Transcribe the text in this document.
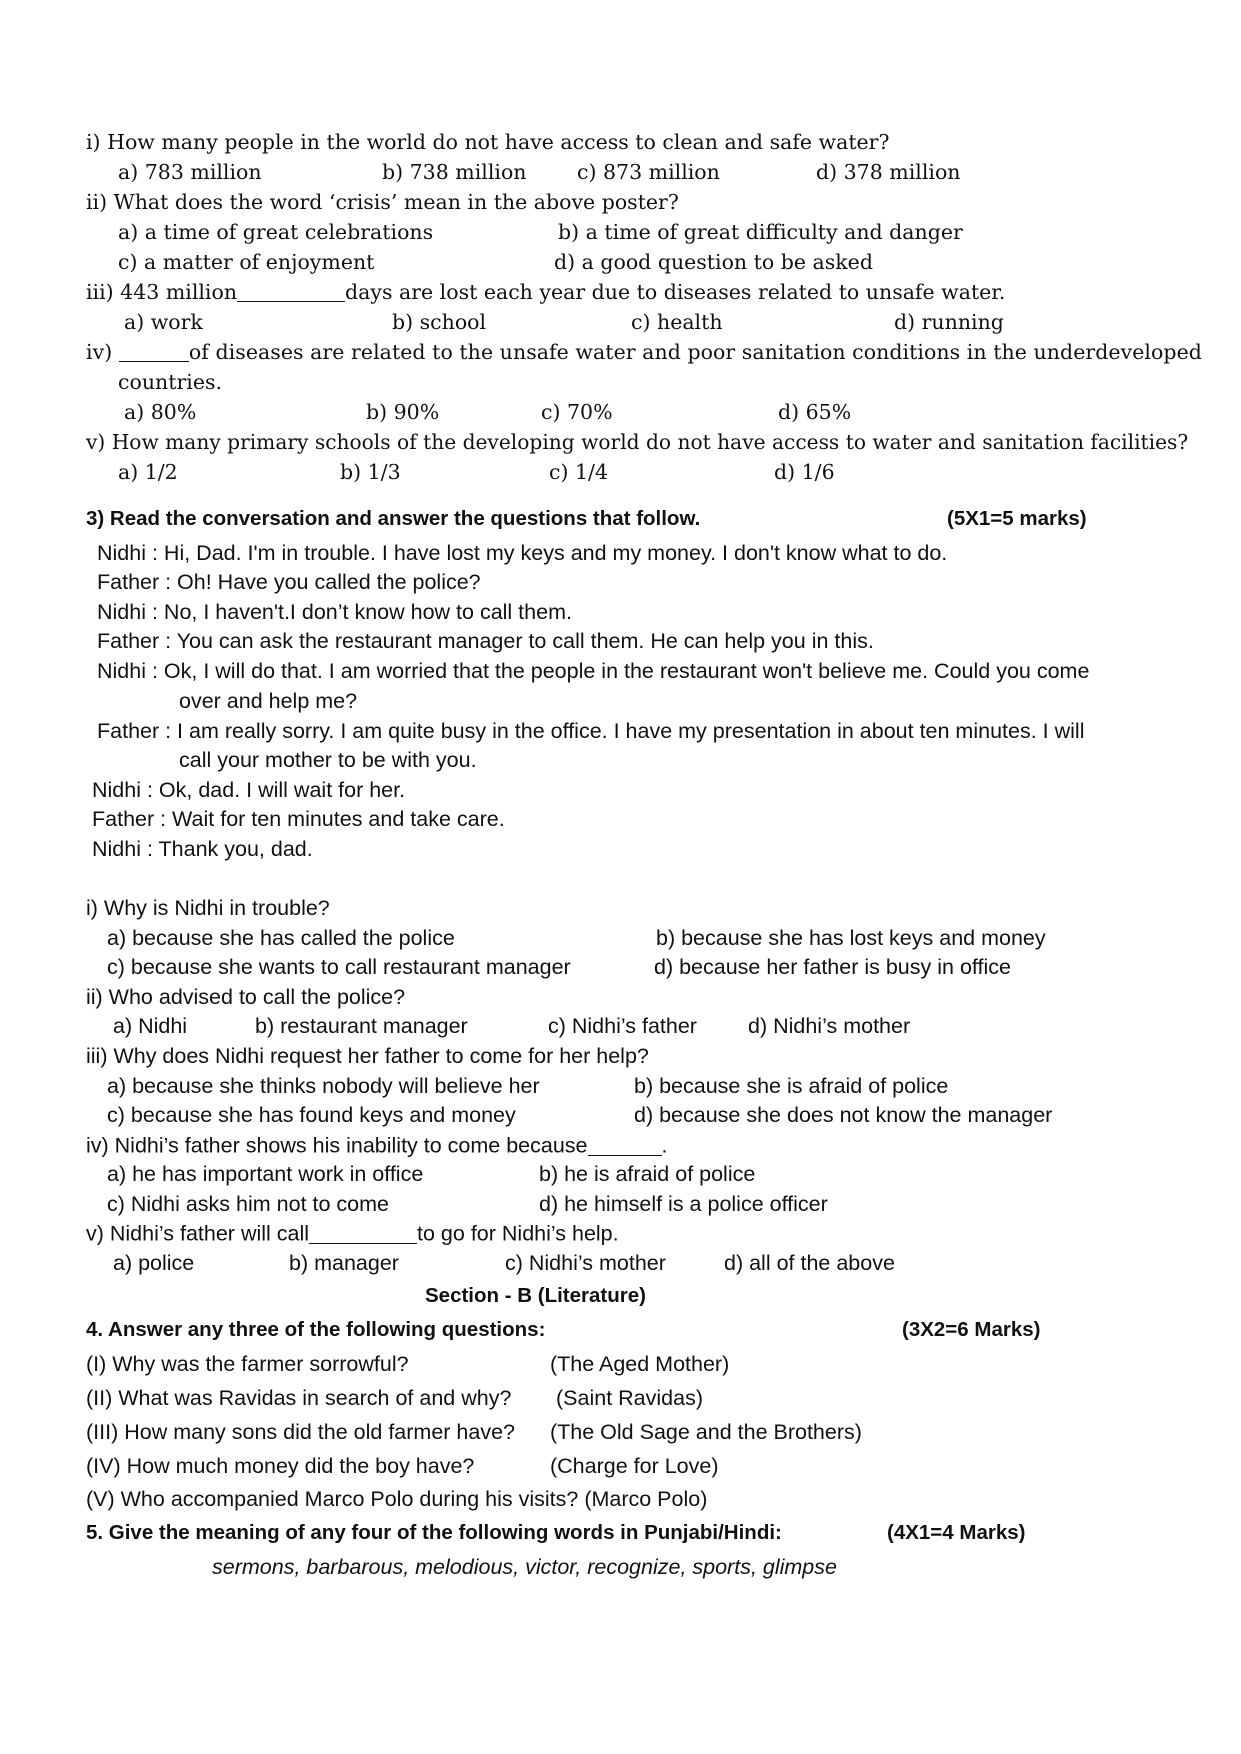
i) How many people in the world do not have access to clean and safe water?
a) 783 million	b) 738 million c) 873 million	d) 378 million
ii) What does the word ‘crisis’ mean in the above poster?
a) a time of great celebrations	b) a time of great difficulty and danger
c) a matter of enjoyment	d) a good question to be asked
iii) 443 million	days are lost each year due to diseases related to unsafe water.
a) work	b) school	c) health	d) running
iv)	of diseases are related to the unsafe water and poor sanitation conditions in the underdeveloped
countries.
a) 80%	b) 90%	c) 70%	d) 65%
v) How many primary schools of the developing world do not have access to water and sanitation facilities?
a) 1/2	b) 1/3	c) 1/4	d) 1/6
3) Read the conversation and answer the questions that follow.	(5X1=5 marks)
Nidhi : Hi, Dad. I'm in trouble. I have lost my keys and my money. I don't know what to do.
Father : Oh! Have you called the police?
Nidhi : No, I haven't.I don’t know how to call them.
Father : You can ask the restaurant manager to call them. He can help you in this.
Nidhi : Ok, I will do that. I am worried that the people in the restaurant won't believe me. Could you come
over and help me?
Father : I am really sorry. I am quite busy in the office. I have my presentation in about ten minutes. I will
call your mother to be with you.
Nidhi : Ok, dad. I will wait for her.
Father : Wait for ten minutes and take care.
Nidhi : Thank you, dad.
i) Why is Nidhi in trouble?
a) because she has called the police	b) because she has lost keys and money
c) because she wants to call restaurant manager	d) because her father is busy in office
ii) Who advised to call the police?
a) Nidhi	b) restaurant manager	c) Nidhi’s father d) Nidhi’s mother
iii) Why does Nidhi request her father to come for her help?
a) because she thinks nobody will believe her	b) because she is afraid of police
c) because she has found keys and money	d) because she does not know the manager
iv) Nidhi’s father shows his inability to come because	.
a) he has important work in office	b) he is afraid of police
c) Nidhi asks him not to come	d) he himself is a police officer
v) Nidhi’s father will call	to go for Nidhi’s help.
a) police	b) manager	c) Nidhi’s mother	d) all of the above
Section - B (Literature)
4. Answer any three of the following questions:	(3X2=6 Marks)
(I) Why was the farmer sorrowful?	(The Aged Mother)
(II) What was Ravidas in search of and why? (Saint Ravidas)
(III) How many sons did the old farmer have? (The Old Sage and the Brothers)
(IV) How much money did the boy have?	(Charge for Love)
(V) Who accompanied Marco Polo during his visits? (Marco Polo)
5. Give the meaning of any four of the following words in Punjabi/Hindi:	(4X1=4 Marks)
sermons, barbarous, melodious, victor, recognize, sports, glimpse
